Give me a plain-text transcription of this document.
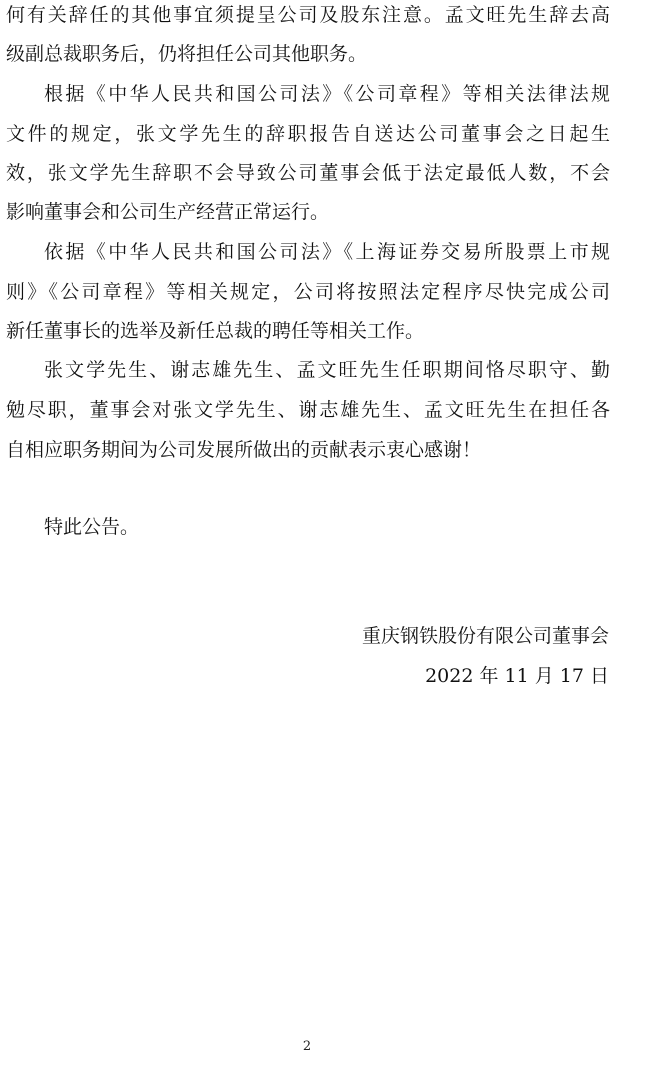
何有关辞任的其他事宜须提呈公司及股东注意。孟文旺先生辞去高
级副总裁职务后，仍将担任公司其他职务。
根据《中华人民共和国公司法》《公司章程》等相关法律法规
文件的规定，张文学先生的辞职报告自送达公司董事会之日起生
效，张文学先生辞职不会导致公司董事会低于法定最低人数，不会
影响董事会和公司生产经营正常运行。
依据《中华人民共和国公司法》《上海证券交易所股票上市规
则》《公司章程》等相关规定，公司将按照法定程序尽快完成公司
新任董事长的选举及新任总裁的聘任等相关工作。
张文学先生、谢志雄先生、孟文旺先生任职期间恪尽职守、勤
勉尽职，董事会对张文学先生、谢志雄先生、孟文旺先生在担任各
自相应职务期间为公司发展所做出的贡献表示衷心感谢！
特此公告。
重庆钢铁股份有限公司董事会
2022 年 11 月 17 日
2
